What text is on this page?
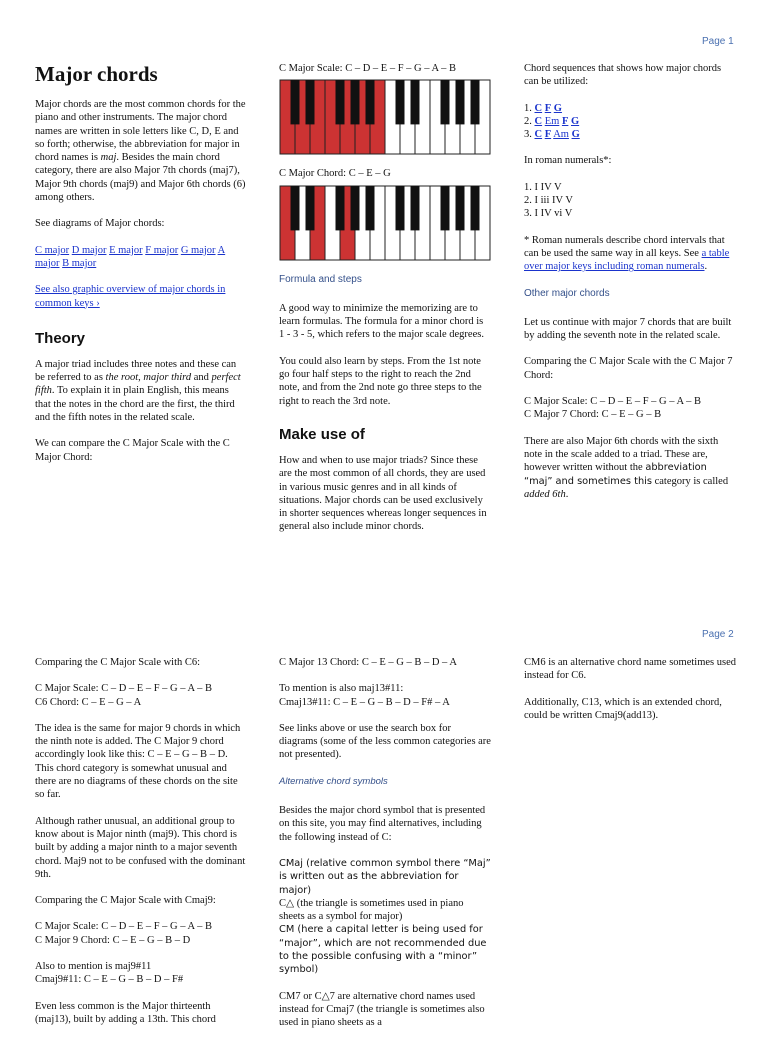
Page 1
Page 2
Major chords

Major chords are the most common chords for the piano and other instruments. The major chord names are written in sole letters like C, D, E and so forth; otherwise, the abbreviation for major in chord names is maj. Besides the main chord category, there are also Major 7th chords (maj7), Major 9th chords (maj9) and Major 6th chords (6) among others.

See diagrams of Major chords:

C major D major E major F major G major A major B major

See also graphic overview of major chords in common keys ›

Theory

A major triad includes three notes and these can be referred to as the root, major third and perfect fifth. To explain it in plain English, this means that the notes in the chord are the first, the third and the fifth notes in the related scale.

We can compare the C Major Scale with the C Major Chord:

C Major Scale: C – D – E – F – G – A – B
C Major Chord: C – E – G
Formula and steps

A good way to minimize the memorizing are to learn formulas. The formula for a minor chord is 1 - 3 - 5, which refers to the major scale degrees.

You could also learn by steps. From the 1st note go four half steps to the right to reach the 2nd note, and from the 2nd note go three steps to the right to reach the 3rd note.

Make use of

How and when to use major triads? Since these are the most common of all chords, they are used in various music genres and in all kinds of situations. Major chords can be used exclusively in shorter sequences whereas longer sequences in general also include minor chords.

Chord sequences that shows how major chords can be utilized:

1. C F G
2. C Em F G
3. C F Am G

In roman numerals*:

1. I IV V
2. I iii IV V
3. I IV vi V

* Roman numerals describe chord intervals that can be used the same way in all keys. See a table over major keys including roman numerals.

Other major chords

Let us continue with major 7 chords that are built by adding the seventh note in the related scale.

Comparing the C Major Scale with the C Major 7 Chord:

C Major Scale: C – D – E – F – G – A – B
C Major 7 Chord: C – E – G – B

There are also Major 6th chords with the sixth note in the scale added to a triad. These are, however written without the abbreviation “maj” and sometimes this category is called added 6th.

Comparing the C Major Scale with C6:

C Major Scale: C – D – E – F – G – A – B
C6 Chord: C – E – G – A

The idea is the same for major 9 chords in which the ninth note is added. The C Major 9 chord accordingly look like this: C – E – G – B – D. This chord category is somewhat unusual and there are no diagrams of these chords on the site so far.

Although rather unusual, an additional group to know about is Major ninth (maj9). This chord is built by adding a major ninth to a major seventh chord. Maj9 not to be confused with the dominant 9th.

Comparing the C Major Scale with Cmaj9:

C Major Scale: C – D – E – F – G – A – B
C Major 9 Chord: C – E – G – B – D
Also to mention is maj9#11
Cmaj9#11: C – E – G – B – D – F#

Even less common is the Major thirteenth (maj13), built by adding a 13th. This chord

C Major 13 Chord: C – E – G – B – D – A

To mention is also maj13#11:
Cmaj13#11: C – E – G – B – D – F# – A

See links above or use the search box for diagrams (some of the less common categories are not presented).

Alternative chord symbols

Besides the major chord symbol that is presented on this site, you may find alternatives, including the following instead of C:

CMaj (relative common symbol there “Maj” is written out as the abbreviation for major)
C△ (the triangle is sometimes used in piano sheets as a symbol for major)
CM (here a capital letter is being used for “major”, which are not recommended due to the possible confusing with a “minor” symbol)

CM7 or C△7 are alternative chord names used instead for Cmaj7 (the triangle is sometimes also used in piano sheets as a

CM6 is an alternative chord name sometimes used instead for C6.

Additionally, C13, which is an extended chord, could be written Cmaj9(add13).
